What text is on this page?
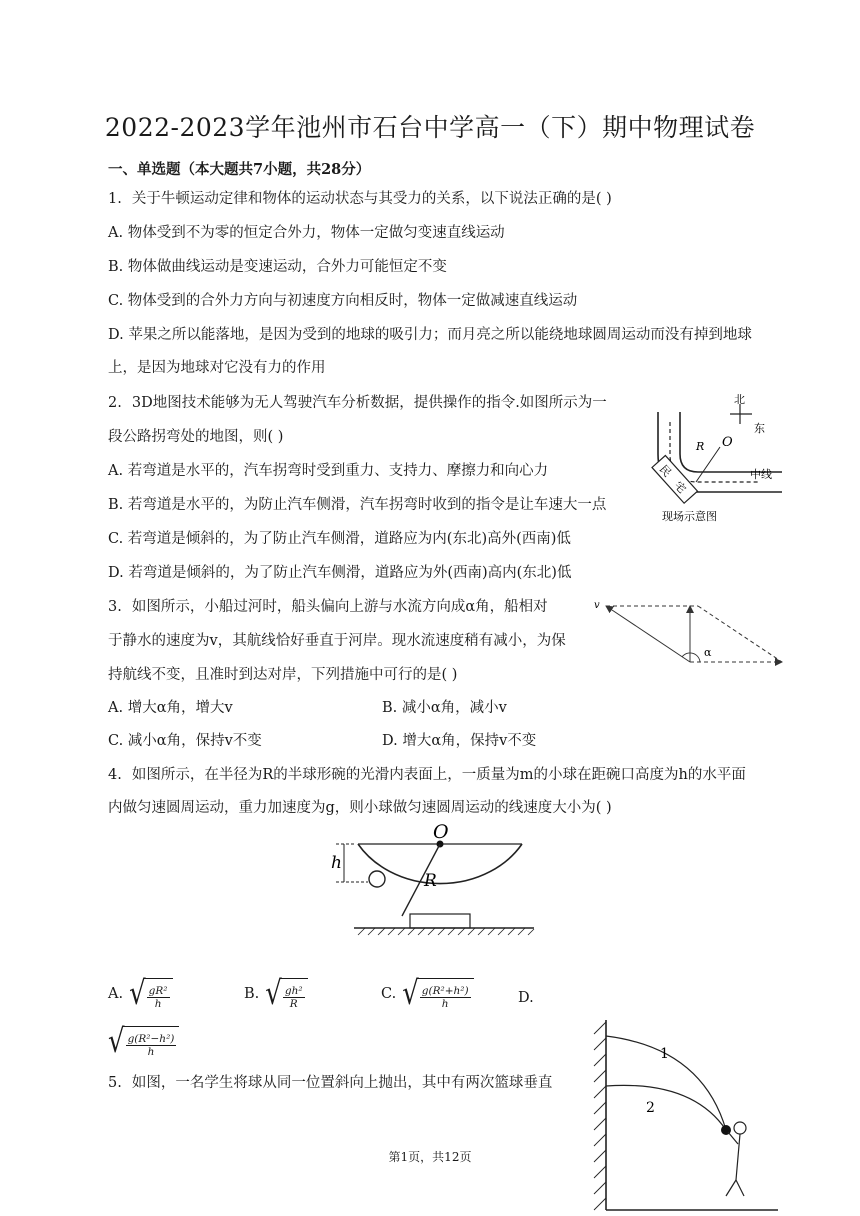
2022-2023学年池州市石台中学高一（下）期中物理试卷
一、单选题（本大题共7小题，共28分）
1. 关于牛顿运动定律和物体的运动状态与其受力的关系，以下说法正确的是( )
A. 物体受到不为零的恒定合外力，物体一定做匀变速直线运动
B. 物体做曲线运动是变速运动，合外力可能恒定不变
C. 物体受到的合外力方向与初速度方向相反时，物体一定做减速直线运动
D. 苹果之所以能落地，是因为受到的地球的吸引力；而月亮之所以能绕地球圆周运动而没有掉到地球
上，是因为地球对它没有力的作用
2. 3D地图技术能够为无人驾驶汽车分析数据，提供操作的指令.如图所示为一
段公路拐弯处的地图，则( )
A. 若弯道是水平的，汽车拐弯时受到重力、支持力、摩擦力和向心力
B. 若弯道是水平的，为防止汽车侧滑，汽车拐弯时收到的指令是让车速大一点
C. 若弯道是倾斜的，为了防止汽车侧滑，道路应为内(东北)高外(西南)低
D. 若弯道是倾斜的，为了防止汽车侧滑，道路应为外(西南)高内(东北)低
R O
北
东
中线
民
宅
现场示意图
3. 如图所示，小船过河时，船头偏向上游与水流方向成α角，船相对
于静水的速度为v，其航线恰好垂直于河岸。现水流速度稍有减小，为保
持航线不变，且准时到达对岸，下列措施中可行的是( )
A. 增大α角，增大v	B. 减小α角，减小v
C. 减小α角，保持v不变	D. 增大α角，保持v不变
v
α
4. 如图所示，在半径为R的半球形碗的光滑内表面上，一质量为m的小球在距碗口高度为h的水平面
内做匀速圆周运动，重力加速度为g，则小球做匀速圆周运动的线速度大小为( )
h
O
R
A. √ $\frac{\text{gR²}}{h}$	B. √ $\frac{\text{gh²}}{R}$	C. √ $\frac{\text{g(R²+h²)}}{h}$	D.
√ $\frac{\text{g(R²−h²)}}{h}$
5. 如图，一名学生将球从同一位置斜向上抛出，其中有两次篮球垂直
1
2
第1页，共12页
